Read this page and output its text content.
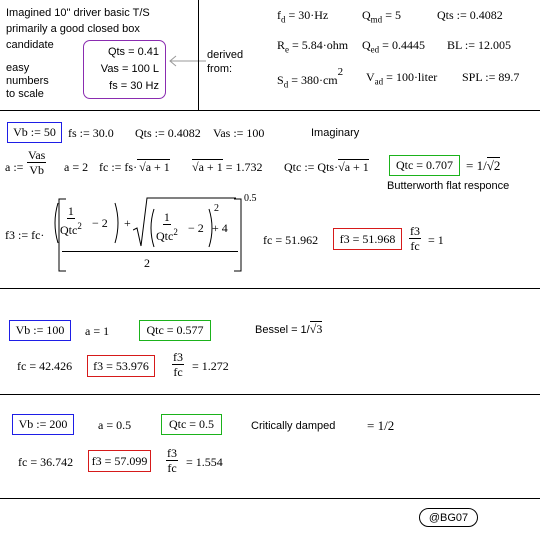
Imagined 10" driver basic T/S
primarily a good closed box
candidate
easy
numbers
to scale
Qts = 0.41
Vas = 100 L
fs = 30 Hz
derived
from:
$f_d = 30\cdot Hz$	$Q_{md} = 5$	Qts := 0.4082
$R_e = 5.84\cdot ohm$ $Q_{ed} = 0.4445$ BL := 12.005
$S_d = 380\cdot cm^2$ $V_{ad}$ = 100·liter SPL := 89.7
Vb := 50	fs := 30.0 Qts := 0.4082 Vas := 100	Imaginary
a :=
Vas
Vb a = 2 fc := fs· √a + 1 √a + 1 = 1.732 Qtc := Qts·√a + 1	Qtc = 0.707 = 1/√2
Butterworth flat responce
f3 := fc·
0.5
1
Qtc$^2$ − 2 +	1
Qtc$^2$ − 2
2
+ 4
2
fc = 51.962	f3 = 51.968	$\frac{f3}{fc} = 1$
Vb := 100	a = 1	Qtc = 0.577	Bessel = 1/√3
fc = 42.426	f3 = 53.976	$\frac{f3}{fc} = 1.272$
Vb := 200	a = 0.5	Qtc = 0.5	Critically damped = 1/2
fc = 36.742	f3 = 57.099	$\frac{f3}{fc} = 1.554$
@BG07
